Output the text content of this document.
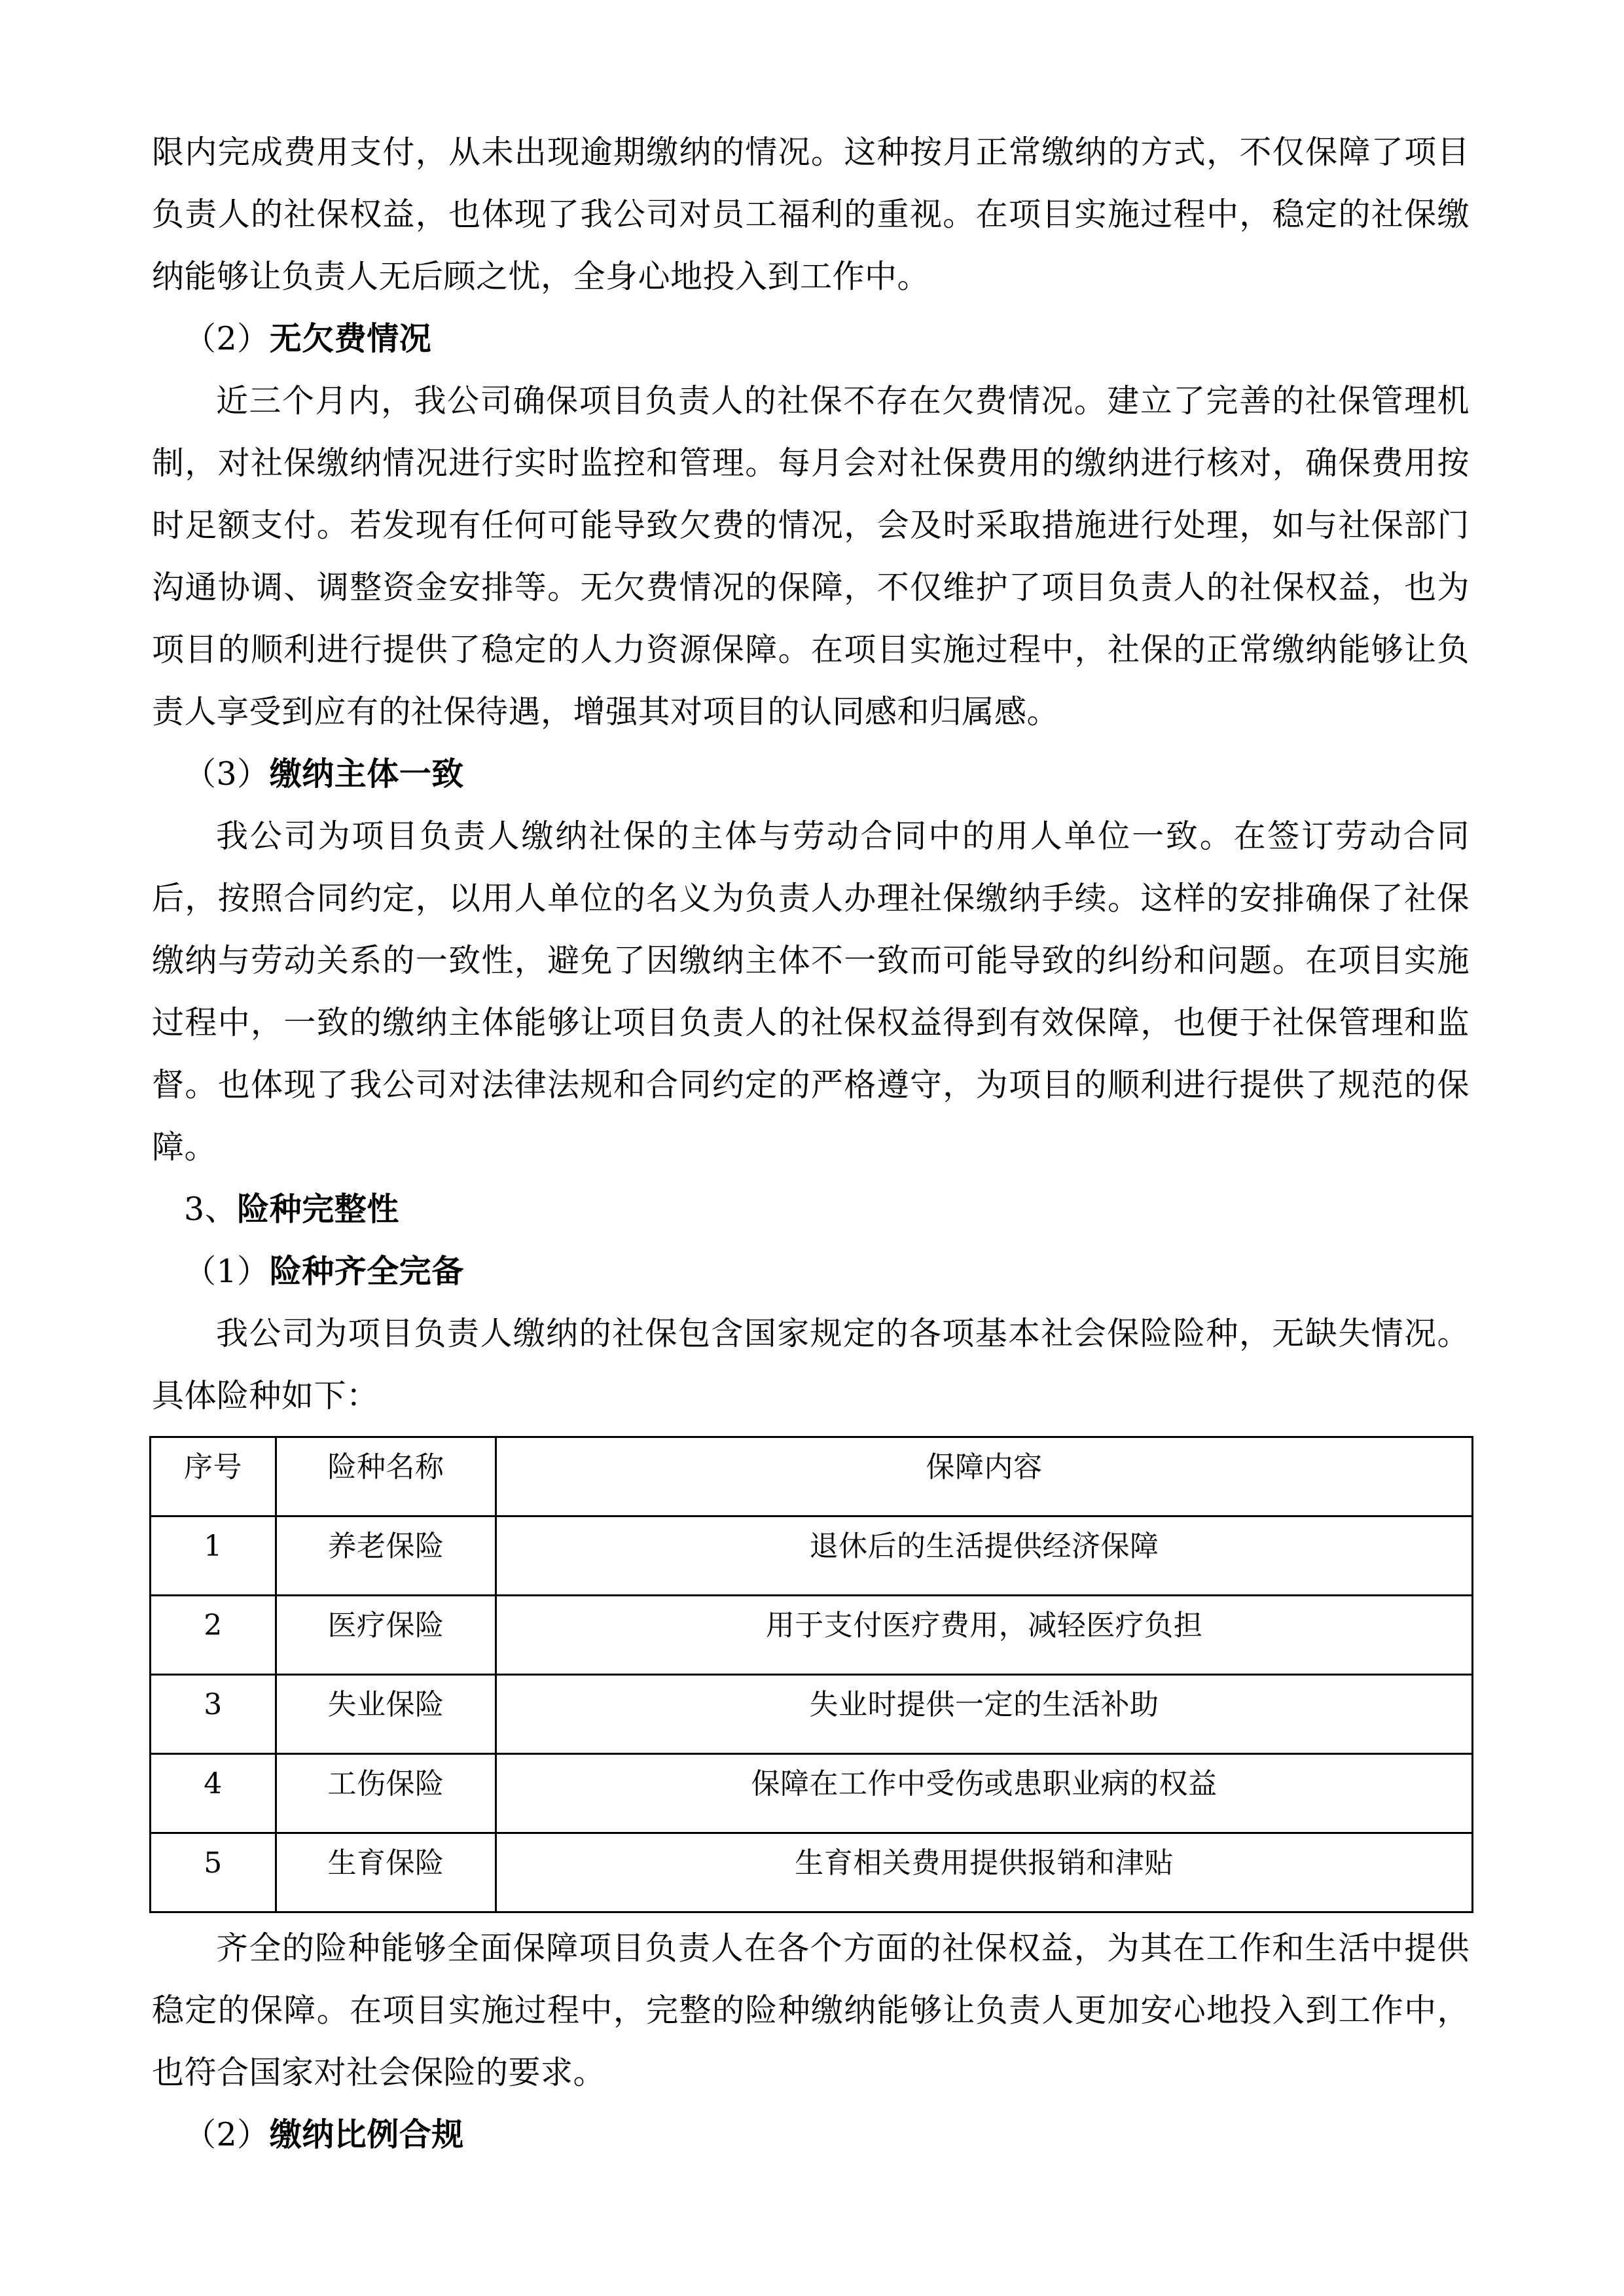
限内完成费用支付，从未出现逾期缴纳的情况。这种按月正常缴纳的方式，不仅保障了项目负责人的社保权益，也体现了我公司对员工福利的重视。在项目实施过程中，稳定的社保缴纳能够让负责人无后顾之忧，全身心地投入到工作中。

（2）无欠费情况

近三个月内，我公司确保项目负责人的社保不存在欠费情况。建立了完善的社保管理机制，对社保缴纳情况进行实时监控和管理。每月会对社保费用的缴纳进行核对，确保费用按时足额支付。若发现有任何可能导致欠费的情况，会及时采取措施进行处理，如与社保部门沟通协调、调整资金安排等。无欠费情况的保障，不仅维护了项目负责人的社保权益，也为项目的顺利进行提供了稳定的人力资源保障。在项目实施过程中，社保的正常缴纳能够让负责人享受到应有的社保待遇，增强其对项目的认同感和归属感。

（3）缴纳主体一致

我公司为项目负责人缴纳社保的主体与劳动合同中的用人单位一致。在签订劳动合同后，按照合同约定，以用人单位的名义为负责人办理社保缴纳手续。这样的安排确保了社保缴纳与劳动关系的一致性，避免了因缴纳主体不一致而可能导致的纠纷和问题。在项目实施过程中，一致的缴纳主体能够让项目负责人的社保权益得到有效保障，也便于社保管理和监督。也体现了我公司对法律法规和合同约定的严格遵守，为项目的顺利进行提供了规范的保障。

3、险种完整性

（1）险种齐全完备

我公司为项目负责人缴纳的社保包含国家规定的各项基本社会保险险种，无缺失情况。具体险种如下：

序号	险种名称	保障内容
1	养老保险	退休后的生活提供经济保障
2	医疗保险	用于支付医疗费用，减轻医疗负担
3	失业保险	失业时提供一定的生活补助
4	工伤保险	保障在工作中受伤或患职业病的权益
5	生育保险	生育相关费用提供报销和津贴

齐全的险种能够全面保障项目负责人在各个方面的社保权益，为其在工作和生活中提供稳定的保障。在项目实施过程中，完整的险种缴纳能够让负责人更加安心地投入到工作中，也符合国家对社会保险的要求。

（2）缴纳比例合规
